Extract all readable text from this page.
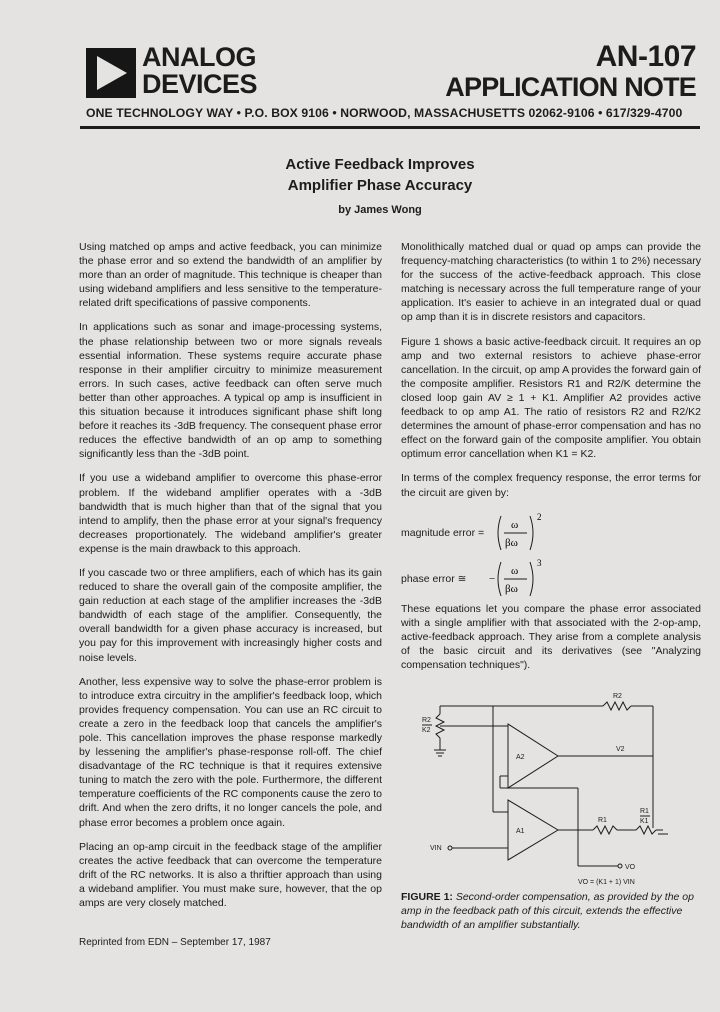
ANALOG
DEVICES
AN-107
APPLICATION NOTE
ONE TECHNOLOGY WAY • P.O. BOX 9106 • NORWOOD, MASSACHUSETTS 02062-9106 • 617/329-4700
Active Feedback Improves
Amplifier Phase Accuracy
by James Wong

Using matched op amps and active feedback, you can minimize the phase error and so extend the bandwidth of an amplifier by more than an order of magnitude. This technique is cheaper than using wideband amplifiers and less sensitive to the temperature-related drift specifications of passive components.

In applications such as sonar and image-processing systems, the phase relationship between two or more signals reveals essential information. These systems require accurate phase response in their amplifier circuitry to minimize measurement errors. In such cases, active feedback can often serve much better than other approaches. A typical op amp is insufficient in this situation because it introduces significant phase shift long before it reaches its -3dB frequency. The consequent phase error reduces the effective bandwidth of an op amp to something significantly less than the -3dB point.

If you use a wideband amplifier to overcome this phase-error problem. If the wideband amplifier operates with a -3dB bandwidth that is much higher than that of the signal that you intend to amplify, then the phase error at your signal's frequency decreases proportionately. The wideband amplifier's greater expense is the main drawback to this approach.

If you cascade two or three amplifiers, each of which has its gain reduced to share the overall gain of the composite amplifier, the gain reduction at each stage of the amplifier increases the -3dB bandwidth of each stage of the amplifier. Consequently, the overall bandwidth for a given phase accuracy is increased, but you pay for this improvement with increasingly higher costs and noise levels.

Another, less expensive way to solve the phase-error problem is to introduce extra circuitry in the amplifier's feedback loop, which provides frequency compensation. You can use an RC circuit to create a zero in the feedback loop that cancels the amplifier's pole. This cancellation improves the phase response markedly by lessening the amplifier's phase-response roll-off. The chief disadvantage of the RC technique is that it requires extensive tuning to match the zero with the pole. Furthermore, the different temperature coefficients of the RC components cause the zero to drift. And when the zero drifts, it no longer cancels the pole, and phase error becomes a problem once again.

Placing an op-amp circuit in the feedback stage of the amplifier creates the active feedback that can overcome the temperature drift of the RC networks. It is also a thriftier approach than using a wideband amplifier. You must make sure, however, that the op amps are very closely matched.

Monolithically matched dual or quad op amps can provide the frequency-matching characteristics (to within 1 to 2%) necessary for the success of the active-feedback approach. This close matching is necessary across the full temperature range of your application. It's easier to achieve in an integrated dual or quad op amp than it is in discrete resistors and capacitors.

Figure 1 shows a basic active-feedback circuit. It requires an op amp and two external resistors to achieve phase-error cancellation. In the circuit, op amp A provides the forward gain of the composite amplifier. Resistors R1 and R2/K determine the closed loop gain AV ≥ 1 + K1. Amplifier A2 provides active feedback to op amp A1. The ratio of resistors R2 and R2/K2 determines the amount of phase-error compensation and has no effect on the forward gain of the composite amplifier. You obtain optimum error cancellation when K1 = K2.

In terms of the complex frequency response, the error terms for the circuit are given by:

magnitude error =
ω
βω
2
phase error ≅ −
ω
βω
3

These equations let you compare the phase error associated with a single amplifier with that associated with the 2-op-amp, active-feedback approach. They arise from a complete analysis of the basic circuit and its derivatives (see "Analyzing compensation techniques").

R2
R2
K2
A2
V2
A1
VIN
R1
R1
K1
VO
VO = (K1 + 1) VIN
FIGURE 1: Second-order compensation, as provided by the op amp in the feedback path of this circuit, extends the effective bandwidth of an amplifier substantially.
Reprinted from EDN – September 17, 1987
